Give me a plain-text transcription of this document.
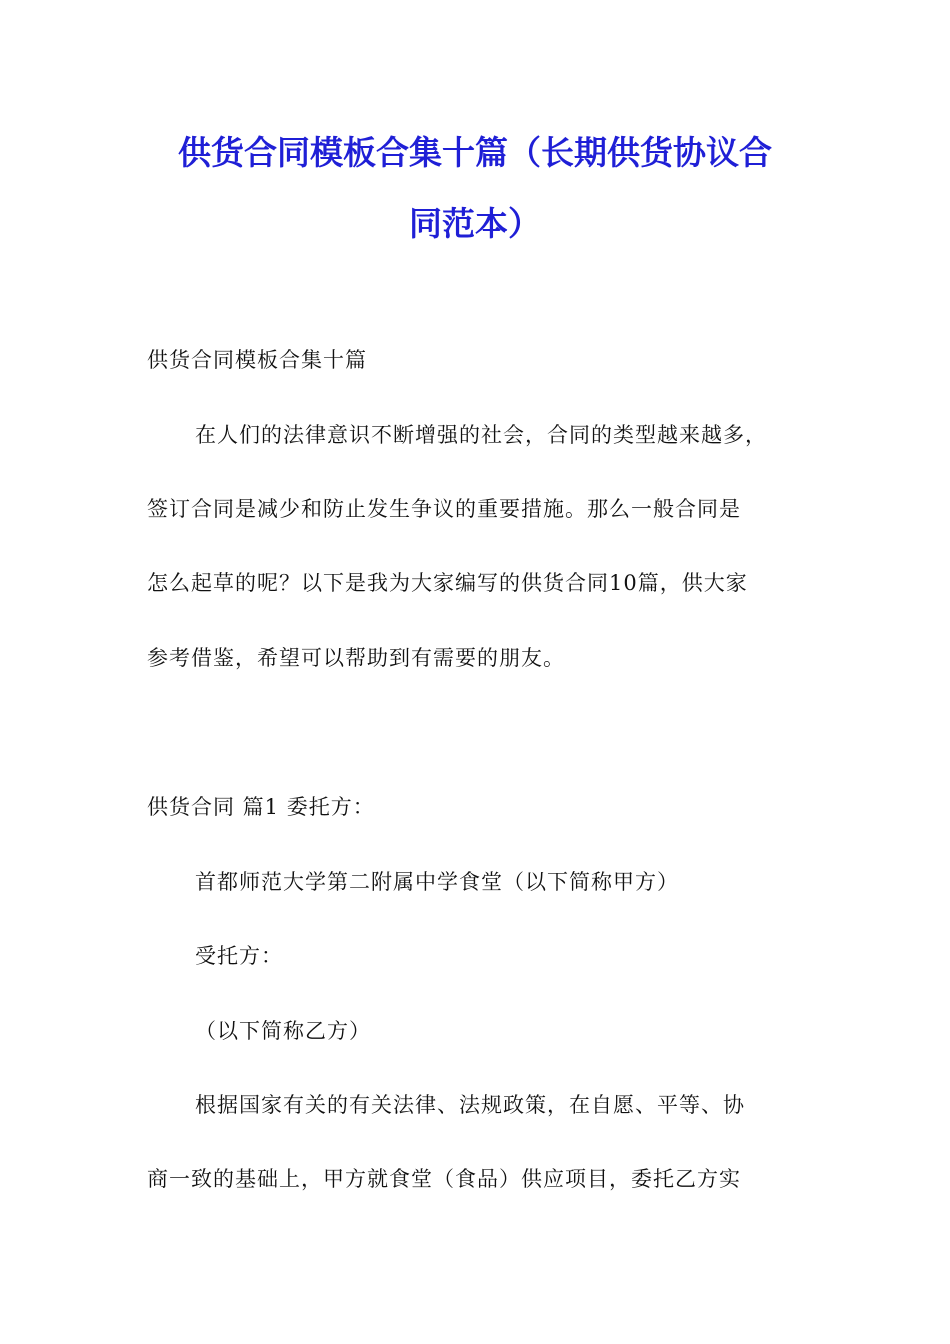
供货合同模板合集十篇（长期供货协议合
同范本）
供货合同模板合集十篇
在人们的法律意识不断增强的社会，合同的类型越来越多，
签订合同是减少和防止发生争议的重要措施。那么一般合同是
怎么起草的呢？以下是我为大家编写的供货合同10篇，供大家
参考借鉴，希望可以帮助到有需要的朋友。
供货合同 篇1 委托方：
首都师范大学第二附属中学食堂（以下简称甲方）
受托方：
（以下简称乙方）
根据国家有关的有关法律、法规政策，在自愿、平等、协
商一致的基础上，甲方就食堂（食品）供应项目，委托乙方实
